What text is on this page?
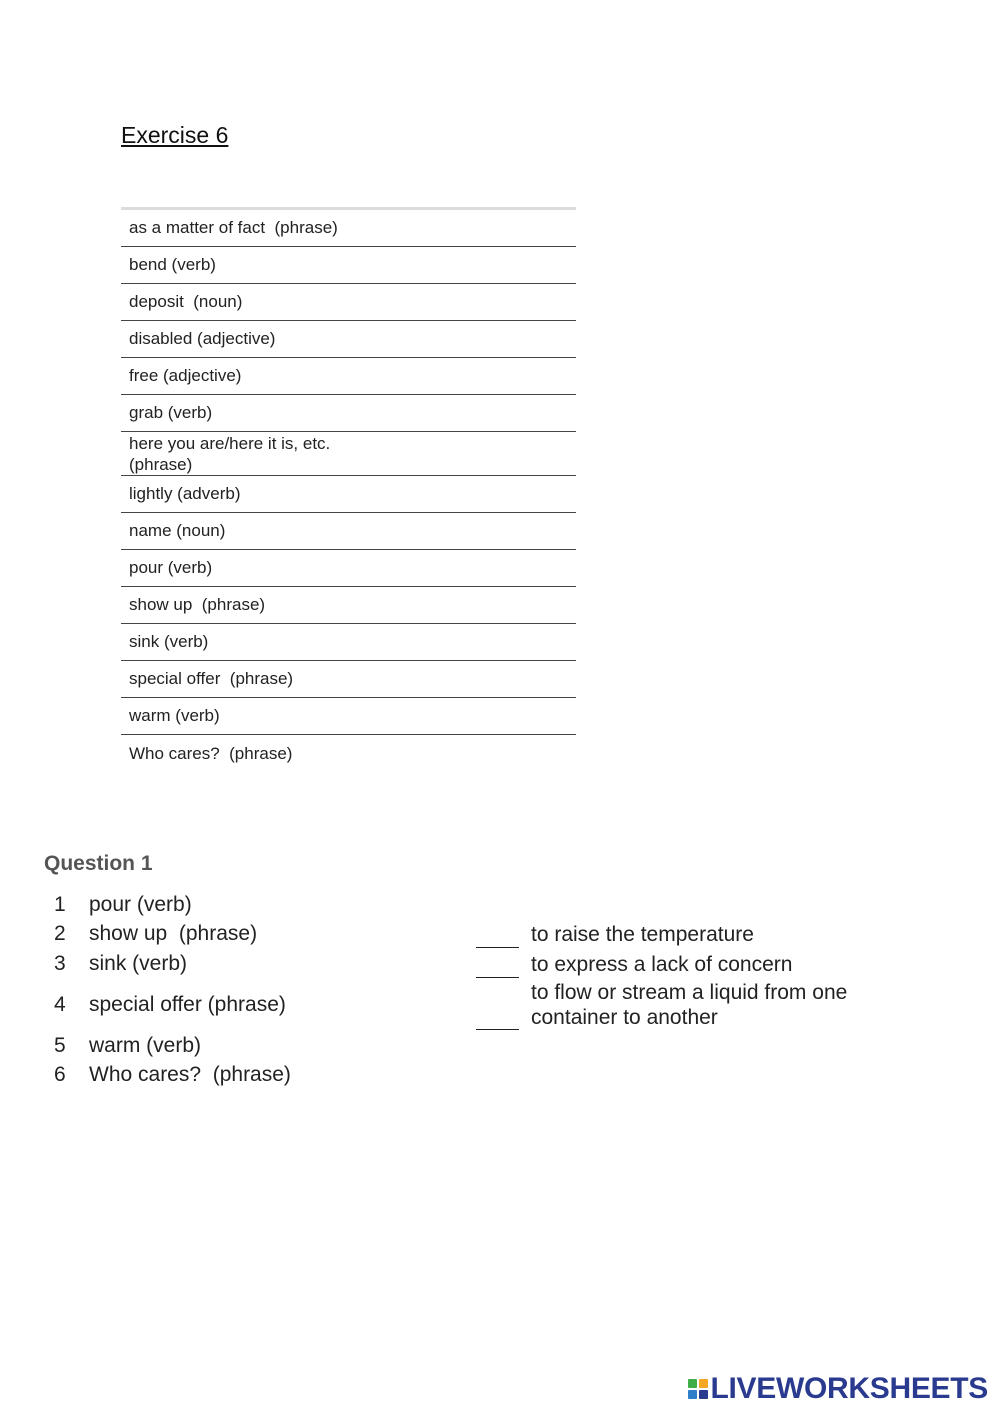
Exercise 6
as a matter of fact  (phrase)
bend (verb)
deposit  (noun)
disabled (adjective)
free (adjective)
grab (verb)
here you are/here it is, etc.
(phrase)
lightly (adverb)
name (noun)
pour (verb)
show up  (phrase)
sink (verb)
special offer  (phrase)
warm (verb)
Who cares?  (phrase)
Question 1
1 pour (verb)
2 show up  (phrase)
3 sink (verb)
4 special offer (phrase)
5 warm (verb)
6 Who cares?  (phrase)
to raise the temperature
to express a lack of concern
to flow or stream a liquid from one
container to another
LIVEWORKSHEETS
